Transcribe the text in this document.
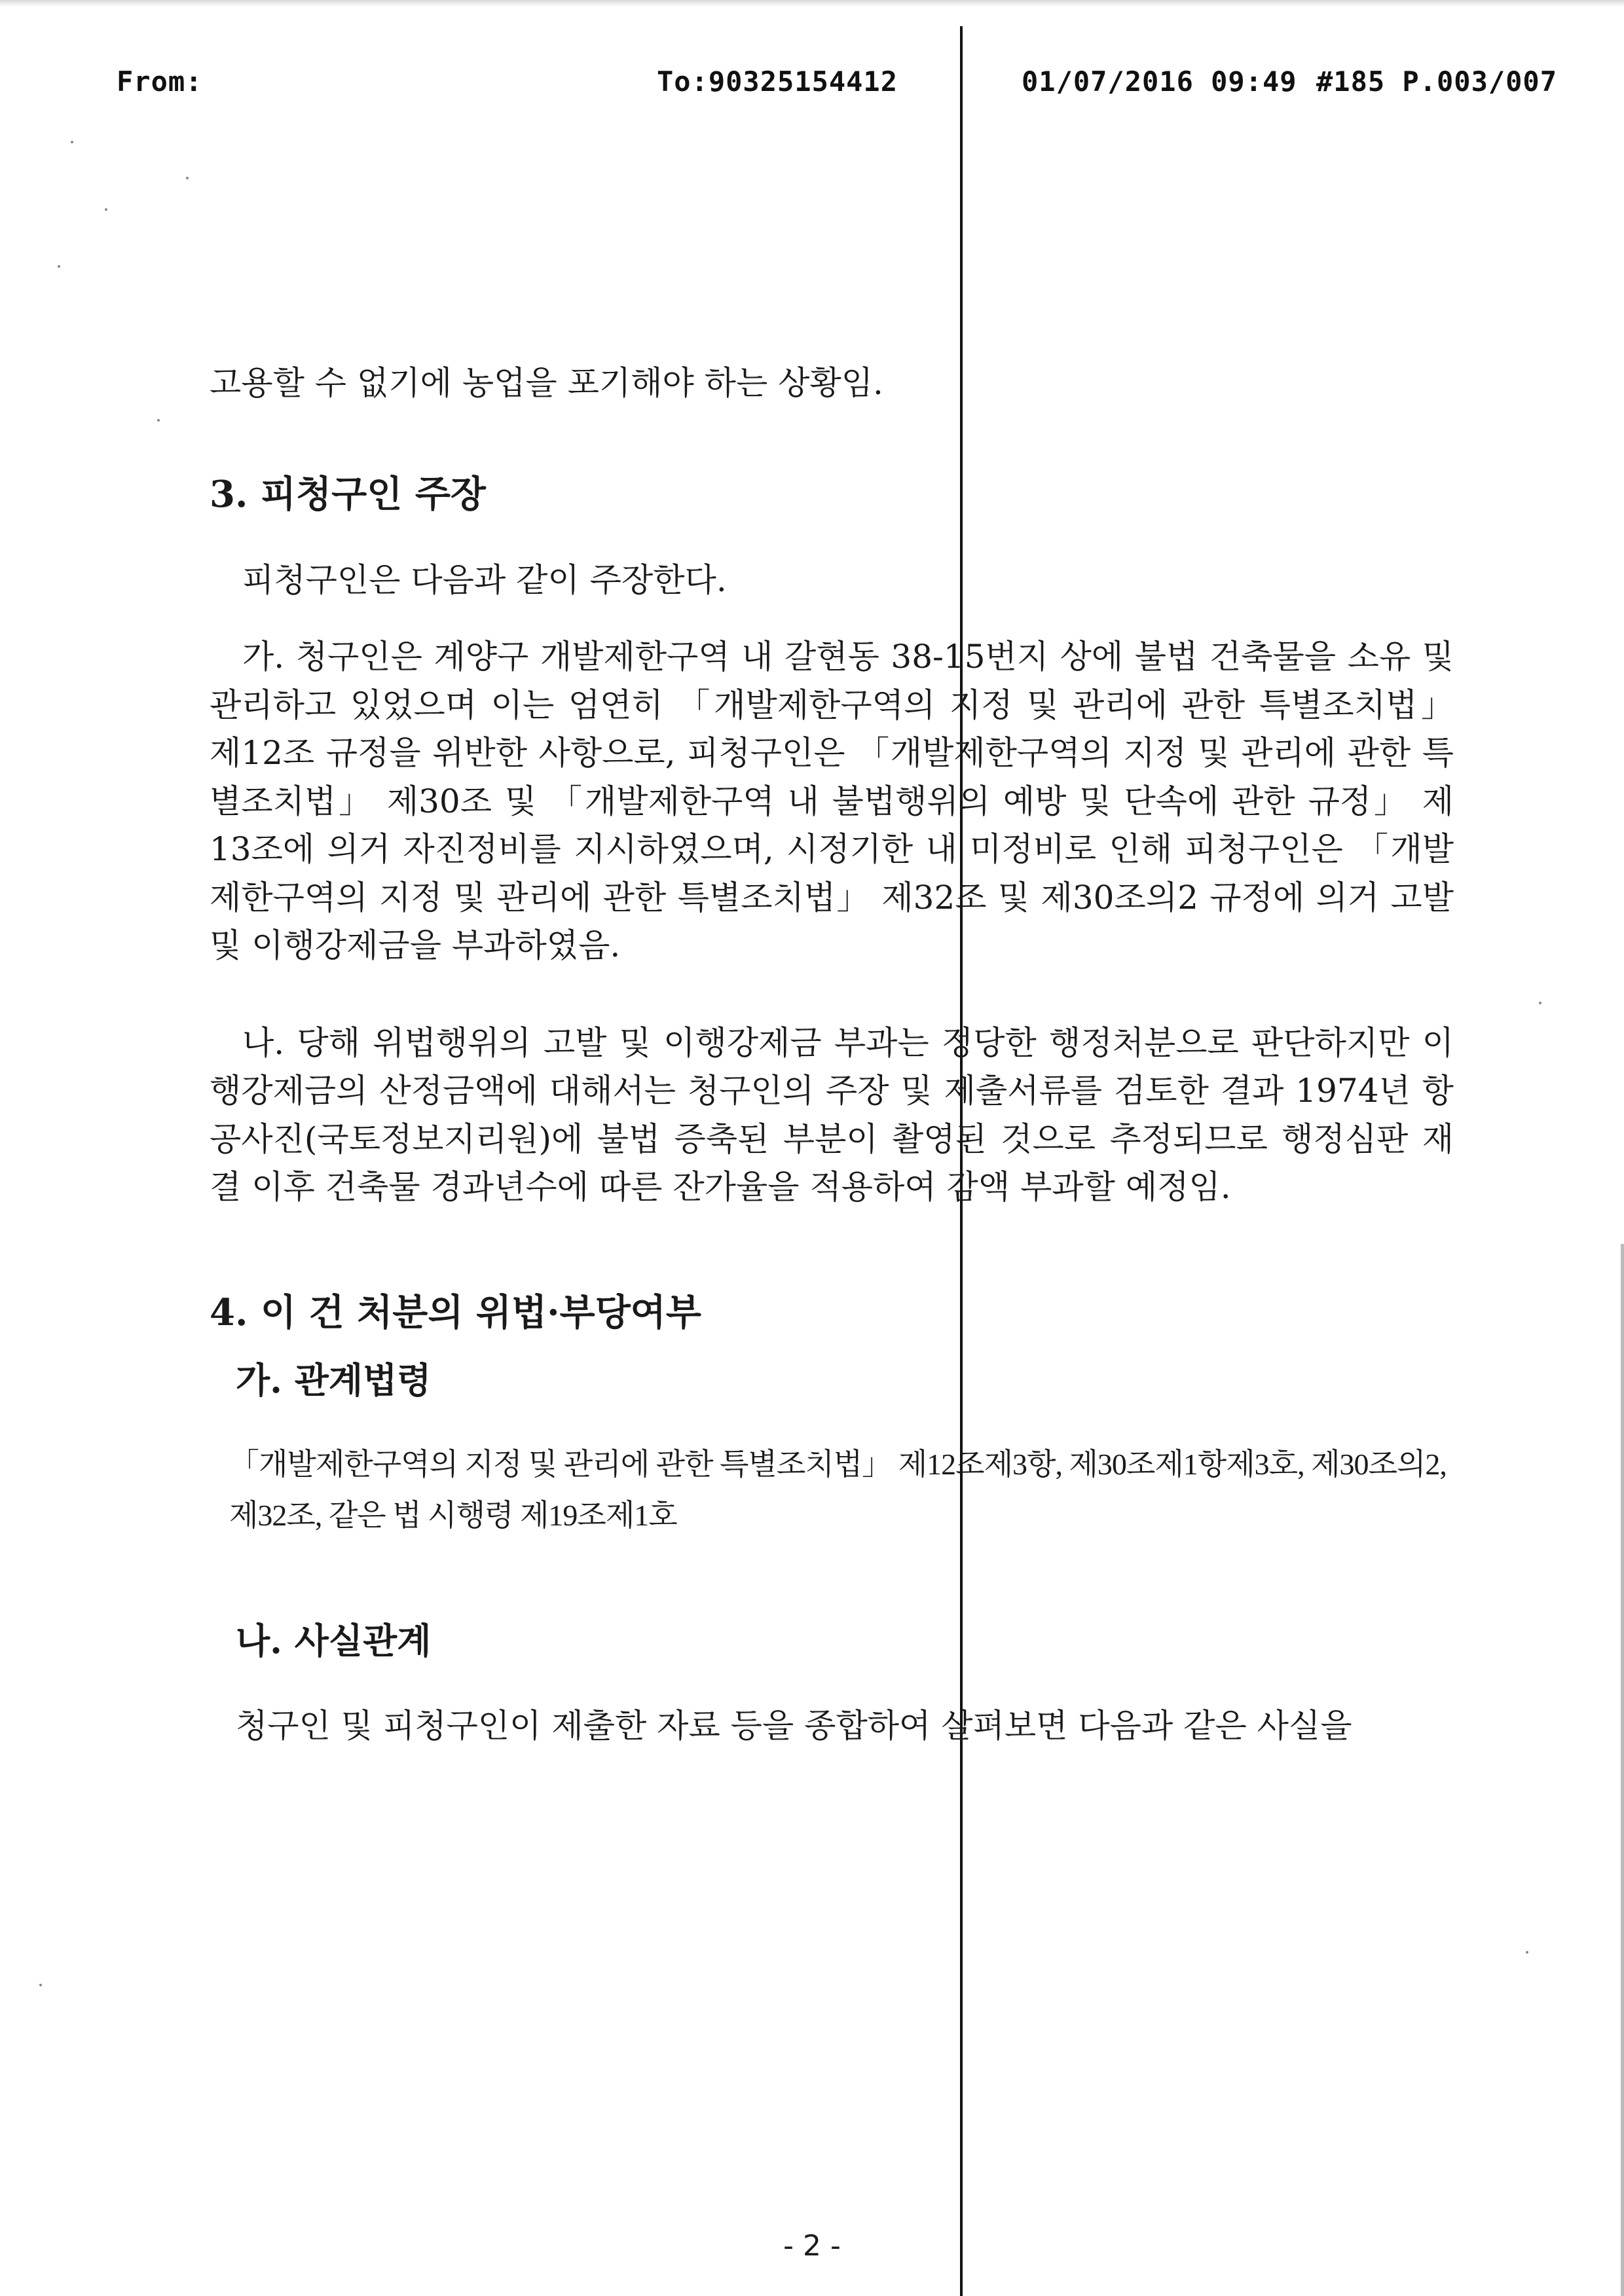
From:	To:90325154412	01/07/2016 09:49 #185 P.003/007

고용할 수 없기에 농업을 포기해야 하는 상황임.

3. 피청구인 주장

피청구인은 다음과 같이 주장한다.

가. 청구인은 계양구 개발제한구역 내 갈현동 38-15번지 상에 불법 건축물을 소유 및 관리하고 있었으며 이는 엄연히 「개발제한구역의 지정 및 관리에 관한 특별조치법」 제12조 규정을 위반한 사항으로, 피청구인은 「개발제한구역의 지정 및 관리에 관한 특별조치법」 제30조 및 「개발제한구역 내 불법행위의 예방 및 단속에 관한 규정」 제13조에 의거 자진정비를 지시하였으며, 시정기한 내 미정비로 인해 피청구인은 「개발제한구역의 지정 및 관리에 관한 특별조치법」 제32조 및 제30조의2 규정에 의거 고발 및 이행강제금을 부과하였음.

나. 당해 위법행위의 고발 및 이행강제금 부과는 정당한 행정처분으로 판단하지만 이행강제금의 산정금액에 대해서는 청구인의 주장 및 제출서류를 검토한 결과 1974년 항공사진(국토정보지리원)에 불법 증축된 부분이 촬영된 것으로 추정되므로 행정심판 재결 이후 건축물 경과년수에 따른 잔가율을 적용하여 감액 부과할 예정임.

4. 이 건 처분의 위법·부당여부

가. 관계법령

「개발제한구역의 지정 및 관리에 관한 특별조치법」 제12조제3항, 제30조제1항제3호, 제30조의2, 제32조, 같은 법 시행령 제19조제1호

나. 사실관계

청구인 및 피청구인이 제출한 자료 등을 종합하여 살펴보면 다음과 같은 사실을

- 2 -
